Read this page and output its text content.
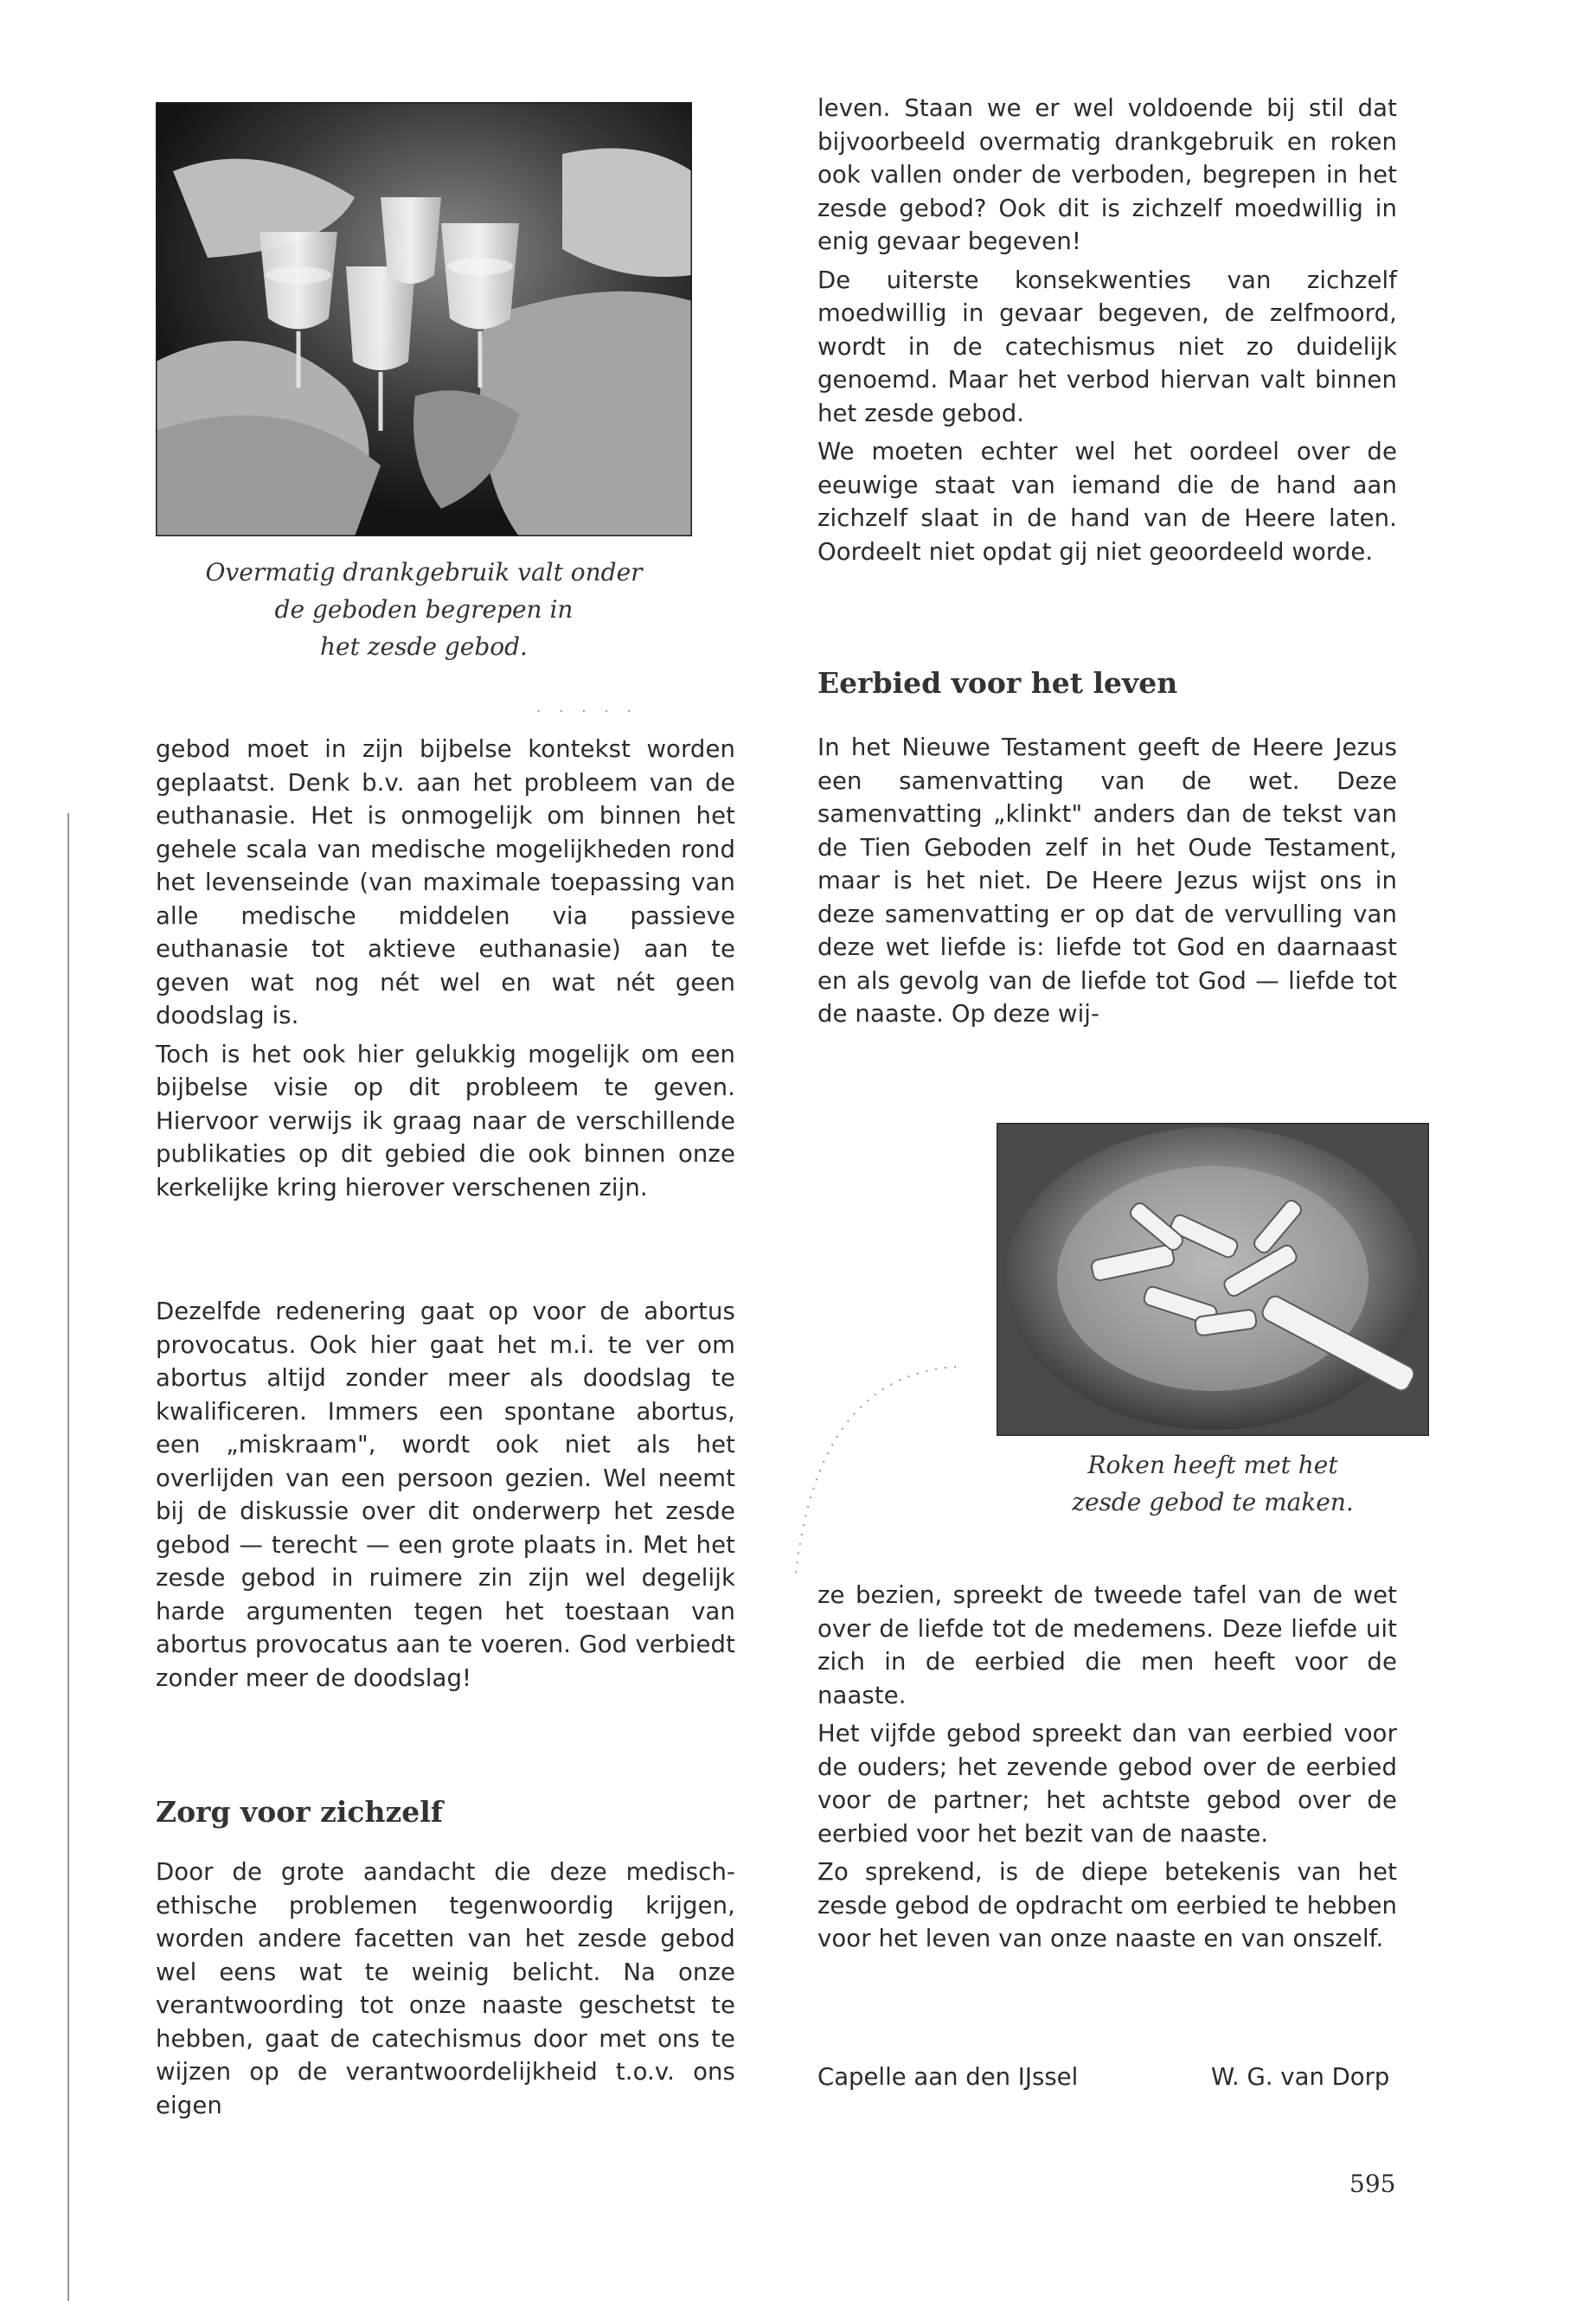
Overmatig drankgebruik valt onder
de geboden begrepen in
het zesde gebod.
. . . . .

gebod moet in zijn bijbelse kontekst worden geplaatst. Denk b.v. aan het probleem van de euthanasie. Het is onmogelijk om binnen het gehele scala van medische mogelijkheden rond het levenseinde (van maximale toepassing van alle medische middelen via passieve euthanasie tot aktieve euthanasie) aan te geven wat nog nét wel en wat nét geen doodslag is.

Toch is het ook hier gelukkig mogelijk om een bijbelse visie op dit probleem te geven. Hiervoor verwijs ik graag naar de verschillende publikaties op dit gebied die ook binnen onze kerkelijke kring hierover verschenen zijn.

Dezelfde redenering gaat op voor de abortus provocatus. Ook hier gaat het m.i. te ver om abortus altijd zonder meer als doodslag te kwalificeren. Immers een spontane abortus, een „miskraam", wordt ook niet als het overlijden van een persoon gezien. Wel neemt bij de diskussie over dit onderwerp het zesde gebod — terecht — een grote plaats in. Met het zesde gebod in ruimere zin zijn wel degelijk harde argumenten tegen het toestaan van abortus provocatus aan te voeren. God verbiedt zonder meer de doodslag!

Zorg voor zichzelf

Door de grote aandacht die deze medisch-ethische problemen tegenwoordig krijgen, worden andere facetten van het zesde gebod wel eens wat te weinig belicht. Na onze verantwoording tot onze naaste geschetst te hebben, gaat de catechismus door met ons te wijzen op de verantwoordelijkheid t.o.v. ons eigen

leven. Staan we er wel voldoende bij stil dat bijvoorbeeld overmatig drankgebruik en roken ook vallen onder de verboden, begrepen in het zesde gebod? Ook dit is zichzelf moedwillig in enig gevaar begeven!

De uiterste konsekwenties van zichzelf moedwillig in gevaar begeven, de zelfmoord, wordt in de catechismus niet zo duidelijk genoemd. Maar het verbod hiervan valt binnen het zesde gebod.

We moeten echter wel het oordeel over de eeuwige staat van iemand die de hand aan zichzelf slaat in de hand van de Heere laten. Oordeelt niet opdat gij niet geoordeeld worde.

Eerbied voor het leven

In het Nieuwe Testament geeft de Heere Jezus een samenvatting van de wet. Deze samenvatting „klinkt" anders dan de tekst van de Tien Geboden zelf in het Oude Testament, maar is het niet. De Heere Jezus wijst ons in deze samenvatting er op dat de vervulling van deze wet liefde is: liefde tot God en daarnaast en als gevolg van de liefde tot God — liefde tot de naaste. Op deze wij-

Roken heeft met het
zesde gebod te maken.

ze bezien, spreekt de tweede tafel van de wet over de liefde tot de medemens. Deze liefde uit zich in de eerbied die men heeft voor de naaste.

Het vijfde gebod spreekt dan van eerbied voor de ouders; het zevende gebod over de eerbied voor de partner; het achtste gebod over de eerbied voor het bezit van de naaste.

Zo sprekend, is de diepe betekenis van het zesde gebod de opdracht om eerbied te hebben voor het leven van onze naaste en van onszelf.

Capelle aan den IJssel	W. G. van Dorp
595
